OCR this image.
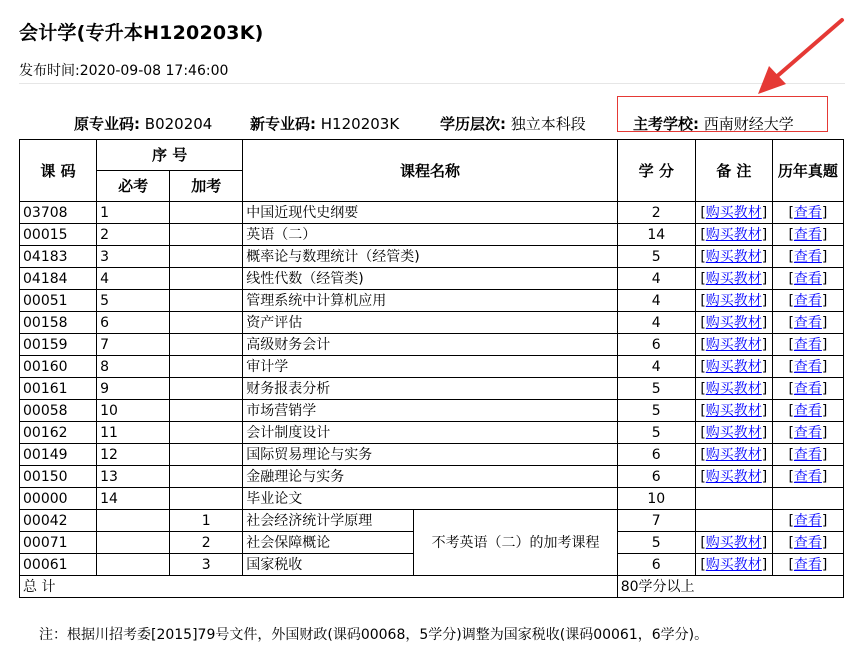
会计学(专升本H120203K)
发布时间:2020-09-08 17:46:00
原专业码: B020204	新专业码: H120203K	学历层次: 独立本科段	主考学校: 西南财经大学
课 码	序 号		课程名称		学 分	备 注	历年真题
	必考	加考					
03708	1		中国近现代史纲要		2	[购买教材]	[查看]
00015	2		英语（二）		14	[购买教材]	[查看]
04183	3		概率论与数理统计（经管类)		5	[购买教材]	[查看]
04184	4		线性代数（经管类)		4	[购买教材]	[查看]
00051	5		管理系统中计算机应用		4	[购买教材]	[查看]
00158	6		资产评估		4	[购买教材]	[查看]
00159	7		高级财务会计		6	[购买教材]	[查看]
00160	8		审计学		4	[购买教材]	[查看]
00161	9		财务报表分析		5	[购买教材]	[查看]
00058	10		市场营销学		5	[购买教材]	[查看]
00162	11		会计制度设计		5	[购买教材]	[查看]
00149	12		国际贸易理论与实务		6	[购买教材]	[查看]
00150	13		金融理论与实务		6	[购买教材]	[查看]
00000	14		毕业论文		10		
00042		1	社会经济统计学原理	不考英语（二）的加考课程	7		[查看]
00071		2	社会保障概论		5	[购买教材]	[查看]
00061		3	国家税收		6	[购买教材]	[查看]
总 计					80学分以上		
注：根据川招考委[2015]79号文件，外国财政(课码00068，5学分)调整为国家税收(课码00061，6学分)。
